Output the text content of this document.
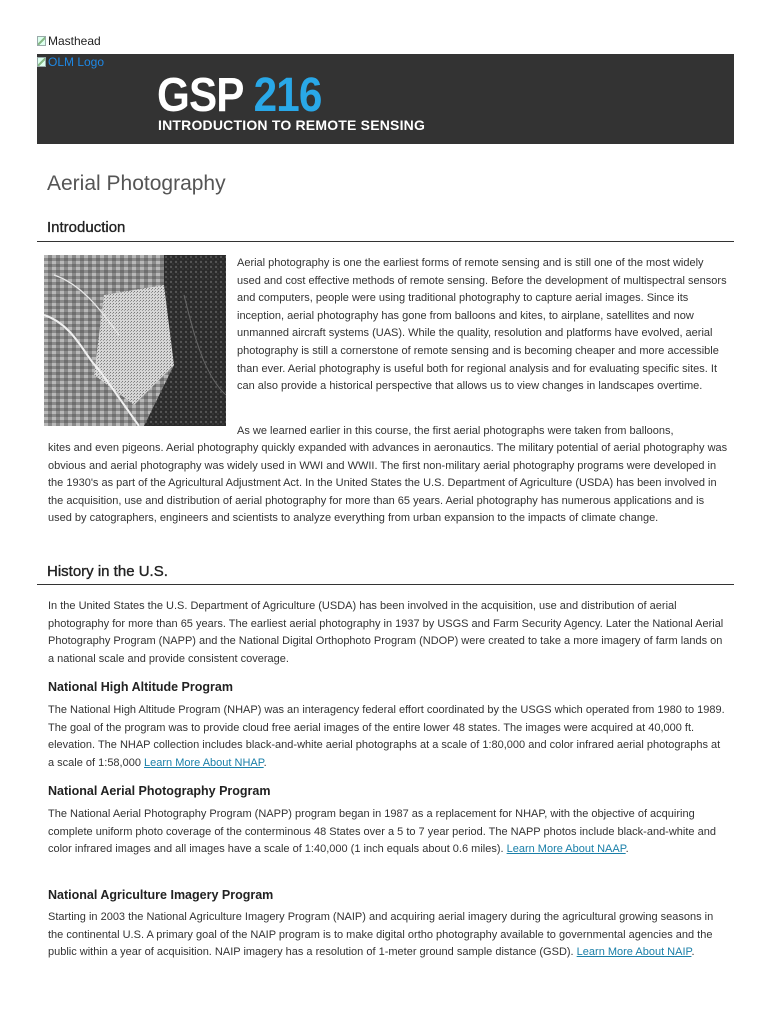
Masthead
OLM Logo
GSP 216
INTRODUCTION TO REMOTE SENSING
Aerial Photography
Introduction

Aerial photography is one the earliest forms of remote sensing and is still one of the most widely used and cost effective methods of remote sensing. Before the development of multispectral sensors and computers, people were using traditional photography to capture aerial images. Since its inception, aerial photography has gone from balloons and kites, to airplane, satellites and now unmanned aircraft systems (UAS). While the quality, resolution and platforms have evolved, aerial photography is still a cornerstone of remote sensing and is becoming cheaper and more accessible than ever. Aerial photography is useful both for regional analysis and for evaluating specific sites. It can also provide a historical perspective that allows us to view changes in landscapes overtime.

As we learned earlier in this course, the first aerial photographs were taken from balloons,

kites and even pigeons. Aerial photography quickly expanded with advances in aeronautics. The military potential of aerial photography was obvious and aerial photography was widely used in WWI and WWII. The first non-military aerial photography programs were developed in the 1930's as part of the Agricultural Adjustment Act. In the United States the U.S. Department of Agriculture (USDA) has been involved in the acquisition, use and distribution of aerial photography for more than 65 years. Aerial photography has numerous applications and is used by catographers, engineers and scientists to analyze everything from urban expansion to the impacts of climate change.

History in the U.S.

In the United States the U.S. Department of Agriculture (USDA) has been involved in the acquisition, use and distribution of aerial photography for more than 65 years. The earliest aerial photography in 1937 by USGS and Farm Security Agency. Later the National Aerial Photography Program (NAPP) and the National Digital Orthophoto Program (NDOP) were created to take a more imagery of farm lands on a national scale and provide consistent coverage.

National High Altitude Program

The National High Altitude Program (NHAP) was an interagency federal effort coordinated by the USGS which operated from 1980 to 1989. The goal of the program was to provide cloud free aerial images of the entire lower 48 states. The images were acquired at 40,000 ft. elevation. The NHAP collection includes black-and-white aerial photographs at a scale of 1:80,000 and color infrared aerial photographs at a scale of 1:58,000 Learn More About NHAP.

National Aerial Photography Program

The National Aerial Photography Program (NAPP) program began in 1987 as a replacement for NHAP, with the objective of acquiring complete uniform photo coverage of the conterminous 48 States over a 5 to 7 year period. The NAPP photos include black-and-white and color infrared images and all images have a scale of 1:40,000 (1 inch equals about 0.6 miles). Learn More About NAAP.

National Agriculture Imagery Program

Starting in 2003 the National Agriculture Imagery Program (NAIP) and acquiring aerial imagery during the agricultural growing seasons in the continental U.S. A primary goal of the NAIP program is to make digital ortho photography available to governmental agencies and the public within a year of acquisition. NAIP imagery has a resolution of 1-meter ground sample distance (GSD). Learn More About NAIP.
